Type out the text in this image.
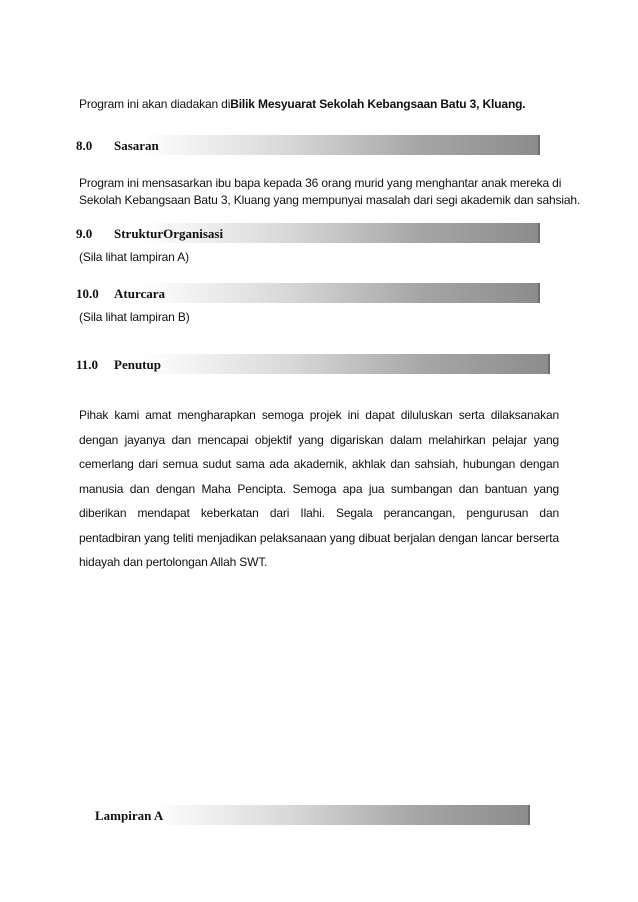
Program ini akan diadakan diBilik Mesyuarat Sekolah Kebangsaan Batu 3, Kluang.

8.0 Sasaran

Program ini mensasarkan ibu bapa kepada 36 orang murid yang menghantar anak mereka di Sekolah Kebangsaan Batu 3, Kluang yang mempunyai masalah dari segi akademik dan sahsiah.

9.0 StrukturOrganisasi

(Sila lihat lampiran A)

10.0 Aturcara

(Sila lihat lampiran B)

11.0 Penutup

Pihak kami amat mengharapkan semoga projek ini dapat diluluskan serta dilaksanakan dengan jayanya dan mencapai objektif yang digariskan dalam melahirkan pelajar yang cemerlang dari semua sudut sama ada akademik, akhlak dan sahsiah, hubungan dengan manusia dan dengan Maha Pencipta. Semoga apa jua sumbangan dan bantuan yang diberikan mendapat keberkatan dari Ilahi. Segala perancangan, pengurusan dan pentadbiran yang teliti menjadikan pelaksanaan yang dibuat berjalan dengan lancar berserta hidayah dan pertolongan Allah SWT.

Lampiran A
